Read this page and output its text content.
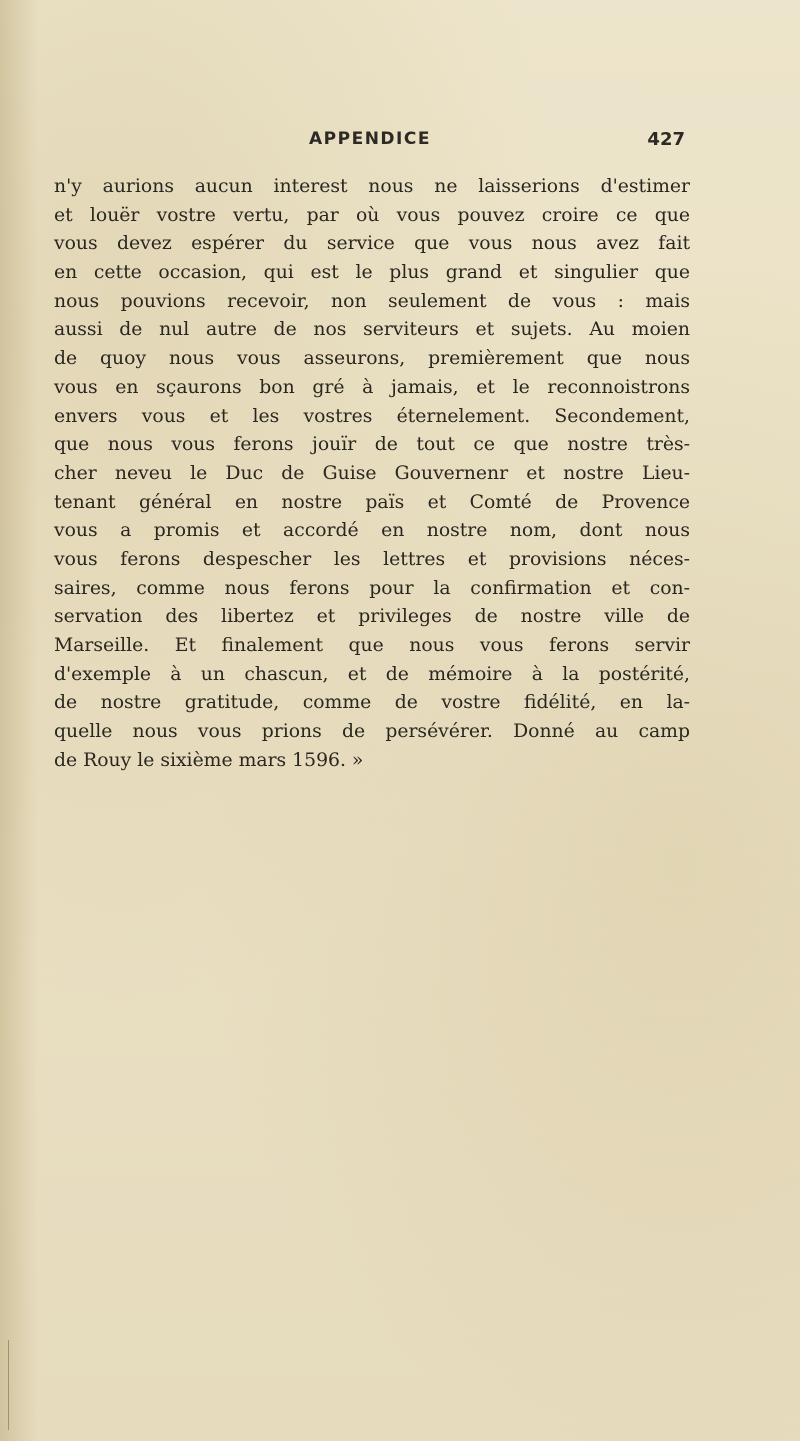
APPENDICE	427
n'y aurions aucun interest nous ne laisserions d'estimer
et louër vostre vertu, par où vous pouvez croire ce que
vous devez espérer du service que vous nous avez fait
en cette occasion, qui est le plus grand et singulier que
nous pouvions recevoir, non seulement de vous : mais
aussi de nul autre de nos serviteurs et sujets. Au moien
de quoy nous vous asseurons, premièrement que nous
vous en sçaurons bon gré à jamais, et le reconnoistrons
envers vous et les vostres éternelement. Secondement,
que nous vous ferons jouïr de tout ce que nostre très-
cher neveu le Duc de Guise Gouvernenr et nostre Lieu-
tenant général en nostre païs et Comté de Provence
vous a promis et accordé en nostre nom, dont nous
vous ferons despescher les lettres et provisions néces-
saires, comme nous ferons pour la confirmation et con-
servation des libertez et privileges de nostre ville de
Marseille. Et finalement que nous vous ferons servir
d'exemple à un chascun, et de mémoire à la postérité,
de nostre gratitude, comme de vostre fidélité, en la-
quelle nous vous prions de persévérer. Donné au camp
de Rouy le sixième mars 1596. »
